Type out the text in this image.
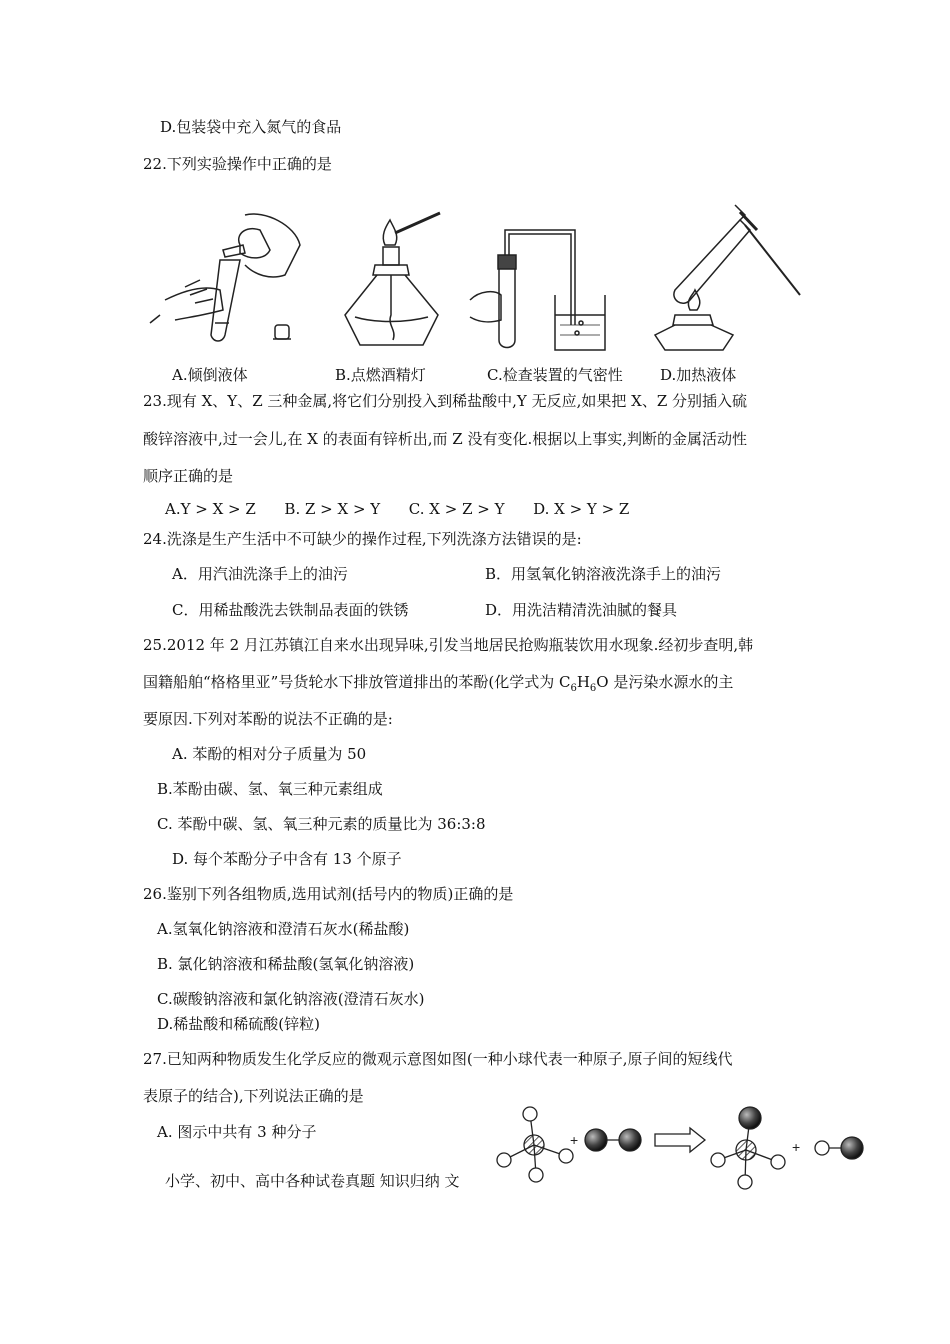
D.包装袋中充入氮气的食品
22.下列实验操作中正确的是
A.倾倒液体	B.点燃酒精灯	C.检查装置的气密性 D.加热液体
23.现有 X、Y、Z 三种金属,将它们分别投入到稀盐酸中,Y 无反应,如果把 X、Z 分别插入硫
酸锌溶液中,过一会儿,在 X 的表面有锌析出,而 Z 没有变化.根据以上事实,判断的金属活动性
顺序正确的是
A.Y > X > Z      B. Z > X > Y      C. X > Z > Y      D. X > Y > Z
24.洗涤是生产生活中不可缺少的操作过程,下列洗涤方法错误的是:
A．用汽油洗涤手上的油污	B．用氢氧化钠溶液洗涤手上的油污
C．用稀盐酸洗去铁制品表面的铁锈	D．用洗洁精清洗油腻的餐具
25.2012 年 2 月江苏镇江自来水出现异味,引发当地居民抢购瓶装饮用水现象.经初步查明,韩
国籍船舶“格格里亚”号货轮水下排放管道排出的苯酚(化学式为 $C_6H_6O$ 是污染水源水的主
要原因.下列对苯酚的说法不正确的是:
A. 苯酚的相对分子质量为 50
B.苯酚由碳、氢、氧三种元素组成
C. 苯酚中碳、氢、氧三种元素的质量比为 36:3:8
D. 每个苯酚分子中含有 13 个原子
26.鉴别下列各组物质,选用试剂(括号内的物质)正确的是
A.氢氧化钠溶液和澄清石灰水(稀盐酸)
B. 氯化钠溶液和稀盐酸(氢氧化钠溶液)
C.碳酸钠溶液和氯化钠溶液(澄清石灰水)
D.稀盐酸和稀硫酸(锌粒)
27.已知两种物质发生化学反应的微观示意图如图(一种小球代表一种原子,原子间的短线代
表原子的结合),下列说法正确的是
A. 图示中共有 3 种分子	+	+
小学、初中、高中各种试卷真题 知识归纳 文
